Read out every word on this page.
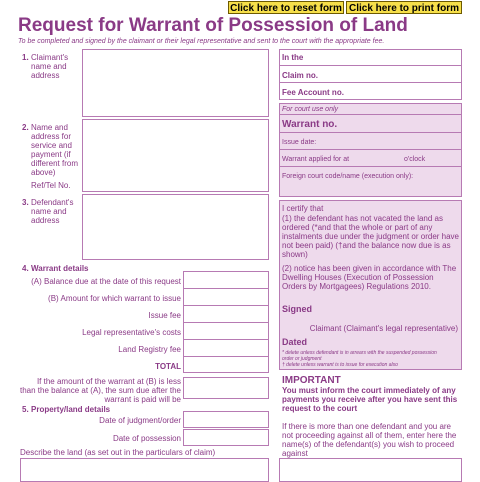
Click here to reset form Click here to print form
Request for Warrant of Possession of Land
To be completed and signed by the claimant or their legal representative and sent to the court with the appropriate fee.
1. Claimant's name and address
2. Name and address for service and payment (if different from above)
Ref/Tel No.
3. Defendant's name and address
4. Warrant details
(A) Balance due at the date of this request
(B) Amount for which warrant to issue
Issue fee
Legal representative's costs
Land Registry fee
TOTAL
If the amount of the warrant at (B) is less than the balance at (A), the sum due after the warrant is paid will be
5. Property/land details
Date of judgment/order
Date of possession
Describe the land (as set out in the particulars of claim)
In the
Claim no.
Fee Account no.
For court use only
Warrant no.
Issue date:
Warrant applied for at	o'clock
Foreign court code/name (execution only):
I certify that
(1) the defendant has not vacated the land as ordered (*and that the whole or part of any instalments due under the judgment or order have not been paid) (†and the balance now due is as shown)
(2) notice has been given in accordance with The Dwelling Houses (Execution of Possession Orders by Mortgagees) Regulations 2010.
Signed
Claimant (Claimant's legal representative)
Dated
* delete unless defendant is in arrears with the suspended possession order or judgment
† delete unless warrant is to issue for execution also
IMPORTANT
You must inform the court immediately of any payments you receive after you have sent this request to the court
If there is more than one defendant and you are not proceeding against all of them, enter here the name(s) of the defendant(s) you wish to proceed against
